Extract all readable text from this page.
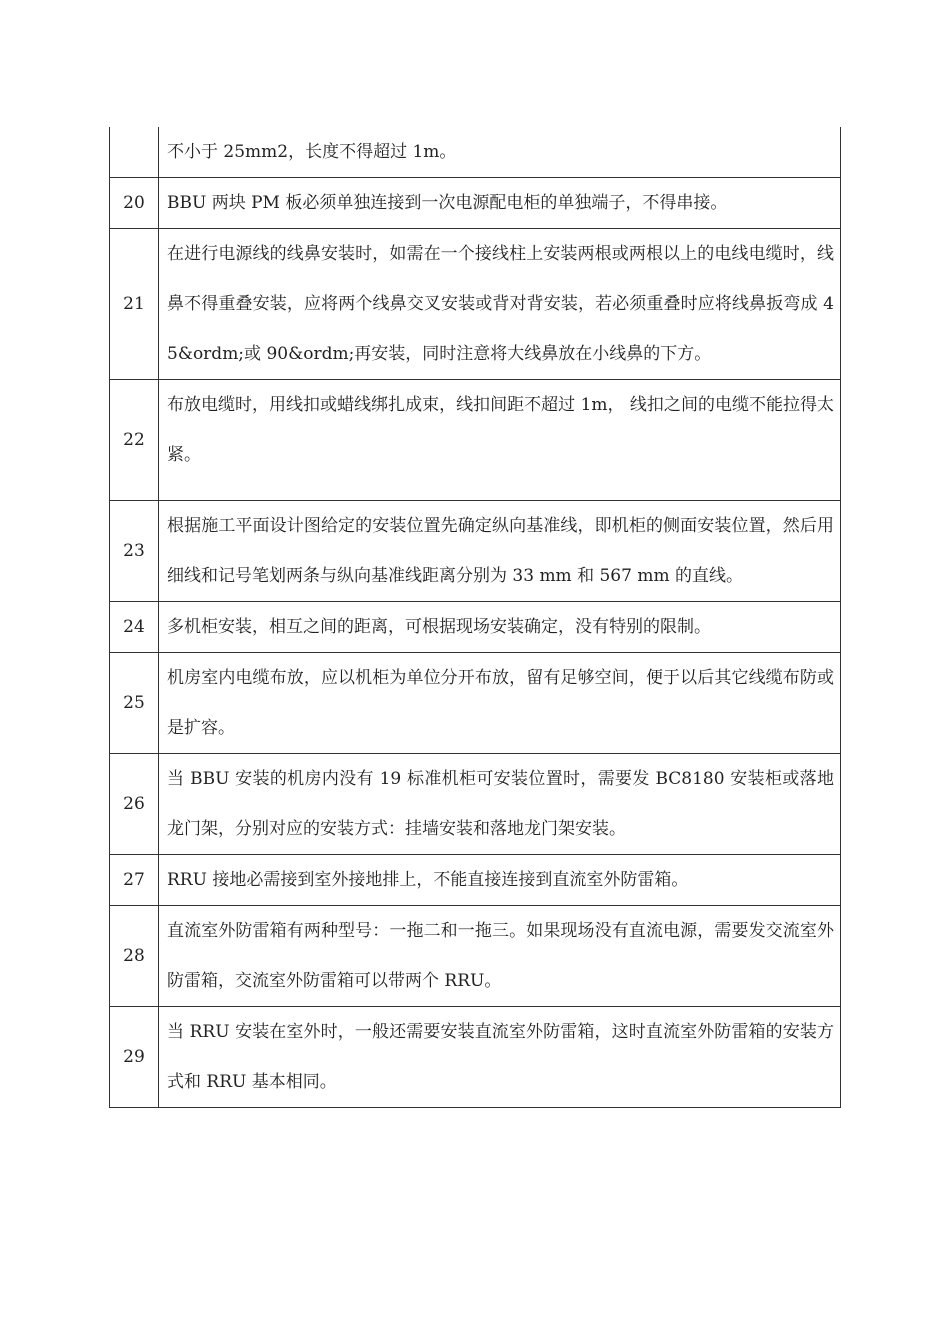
	不小于 25mm2，长度不得超过 1m。
20	BBU 两块 PM 板必须单独连接到一次电源配电柜的单独端子，不得串接。
21	在进行电源线的线鼻安装时，如需在一个接线柱上安装两根或两根以上的电线电缆时，线鼻不得重叠安装，应将两个线鼻交叉安装或背对背安装，若必须重叠时应将线鼻扳弯成 45&ordm;或 90&ordm;再安装，同时注意将大线鼻放在小线鼻的下方。
22	布放电缆时，用线扣或蜡线绑扎成束，线扣间距不超过 1m， 线扣之间的电缆不能拉得太紧。
23	根据施工平面设计图给定的安装位置先确定纵向基准线，即机柜的侧面安装位置，然后用细线和记号笔划两条与纵向基准线距离分别为 33 mm 和 567 mm 的直线。
24	多机柜安装，相互之间的距离，可根据现场安装确定，没有特别的限制。
25	机房室内电缆布放，应以机柜为单位分开布放，留有足够空间，便于以后其它线缆布防或是扩容。
26	当 BBU 安装的机房内没有 19 标准机柜可安装位置时，需要发 BC8180 安装柜或落地龙门架，分别对应的安装方式：挂墙安装和落地龙门架安装。
27	RRU 接地必需接到室外接地排上，不能直接连接到直流室外防雷箱。
28	直流室外防雷箱有两种型号：一拖二和一拖三。如果现场没有直流电源，需要发交流室外防雷箱，交流室外防雷箱可以带两个 RRU。
29	当 RRU 安装在室外时，一般还需要安装直流室外防雷箱，这时直流室外防雷箱的安装方式和 RRU 基本相同。
